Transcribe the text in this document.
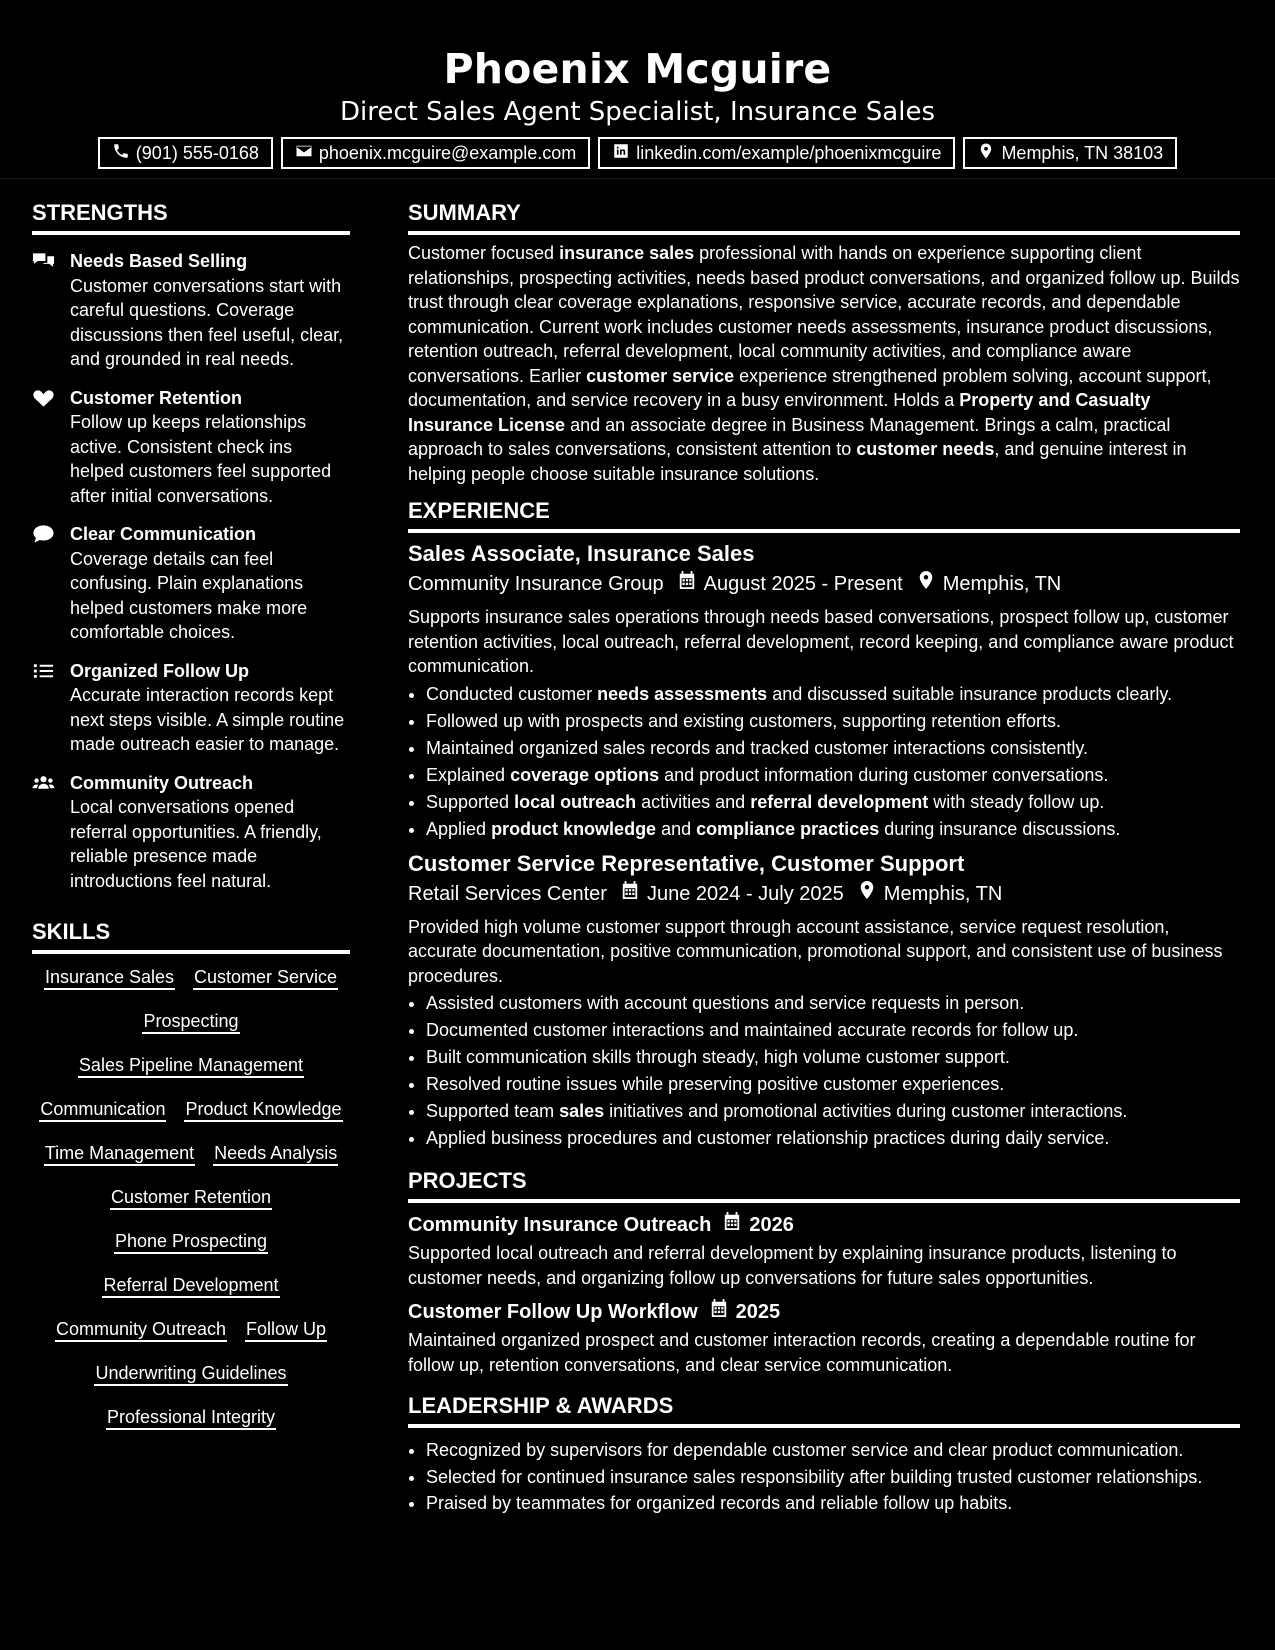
Phoenix Mcguire
Direct Sales Agent Specialist, Insurance Sales
(901) 555-0168	phoenix.mcguire@example.com	linkedin.com/example/phoenixmcguire	Memphis, TN 38103
STRENGTHS
Needs Based Selling
Customer conversations start with careful questions. Coverage discussions then feel useful, clear, and grounded in real needs.
Customer Retention
Follow up keeps relationships active. Consistent check ins helped customers feel supported after initial conversations.
Clear Communication
Coverage details can feel confusing. Plain explanations helped customers make more comfortable choices.
Organized Follow Up
Accurate interaction records kept next steps visible. A simple routine made outreach easier to manage.
Community Outreach
Local conversations opened referral opportunities. A friendly, reliable presence made introductions feel natural.
SKILLS
Insurance Sales Customer Service
Prospecting
Sales Pipeline Management
Communication Product Knowledge
Time Management Needs Analysis
Customer Retention
Phone Prospecting
Referral Development
Community Outreach Follow Up
Underwriting Guidelines
Professional Integrity
SUMMARY
Customer focused insurance sales professional with hands on experience supporting client relationships, prospecting activities, needs based product conversations, and organized follow up. Builds trust through clear coverage explanations, responsive service, accurate records, and dependable communication. Current work includes customer needs assessments, insurance product discussions, retention outreach, referral development, local community activities, and compliance aware conversations. Earlier customer service experience strengthened problem solving, account support, documentation, and service recovery in a busy environment. Holds a Property and Casualty Insurance License and an associate degree in Business Management. Brings a calm, practical approach to sales conversations, consistent attention to customer needs, and genuine interest in helping people choose suitable insurance solutions.
EXPERIENCE
Sales Associate, Insurance Sales
Community Insurance Group August 2025 - Present Memphis, TN
Supports insurance sales operations through needs based conversations, prospect follow up, customer retention activities, local outreach, referral development, record keeping, and compliance aware product communication.
• Conducted customer needs assessments and discussed suitable insurance products clearly.
• Followed up with prospects and existing customers, supporting retention efforts.
• Maintained organized sales records and tracked customer interactions consistently.
• Explained coverage options and product information during customer conversations.
• Supported local outreach activities and referral development with steady follow up.
• Applied product knowledge and compliance practices during insurance discussions.
Customer Service Representative, Customer Support
Retail Services Center June 2024 - July 2025 Memphis, TN
Provided high volume customer support through account assistance, service request resolution, accurate documentation, positive communication, promotional support, and consistent use of business procedures.
• Assisted customers with account questions and service requests in person.
• Documented customer interactions and maintained accurate records for follow up.
• Built communication skills through steady, high volume customer support.
• Resolved routine issues while preserving positive customer experiences.
• Supported team sales initiatives and promotional activities during customer interactions.
• Applied business procedures and customer relationship practices during daily service.
PROJECTS
Community Insurance Outreach 2026
Supported local outreach and referral development by explaining insurance products, listening to customer needs, and organizing follow up conversations for future sales opportunities.
Customer Follow Up Workflow 2025
Maintained organized prospect and customer interaction records, creating a dependable routine for follow up, retention conversations, and clear service communication.
LEADERSHIP & AWARDS
• Recognized by supervisors for dependable customer service and clear product communication.
• Selected for continued insurance sales responsibility after building trusted customer relationships.
• Praised by teammates for organized records and reliable follow up habits.
